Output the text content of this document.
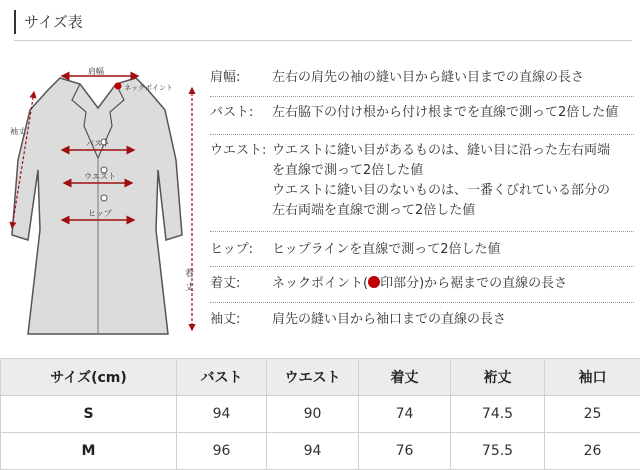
サイズ表
肩幅
ネックポイント
袖丈
バスト
ウエスト
ヒップ
着
丈
肩幅: 左右の肩先の袖の縫い目から縫い目までの直線の長さ
バスト: 左右脇下の付け根から付け根までを直線で測って2倍した値
ウエスト: ウエストに縫い目があるものは、縫い目に沿った左右両端
を直線で測って2倍した値
ウエストに縫い目のないものは、一番くびれている部分の
左右両端を直線で測って2倍した値
ヒップ: ヒップラインを直線で測って2倍した値
着丈: ネックポイント( 印部分)から裾までの直線の長さ
袖丈: 肩先の縫い目から袖口までの直線の長さ
サイズ(cm)	バスト	ウエスト	着丈	裄丈	袖口
S	94	90	74	74.5	25
M	96	94	76	75.5	26
